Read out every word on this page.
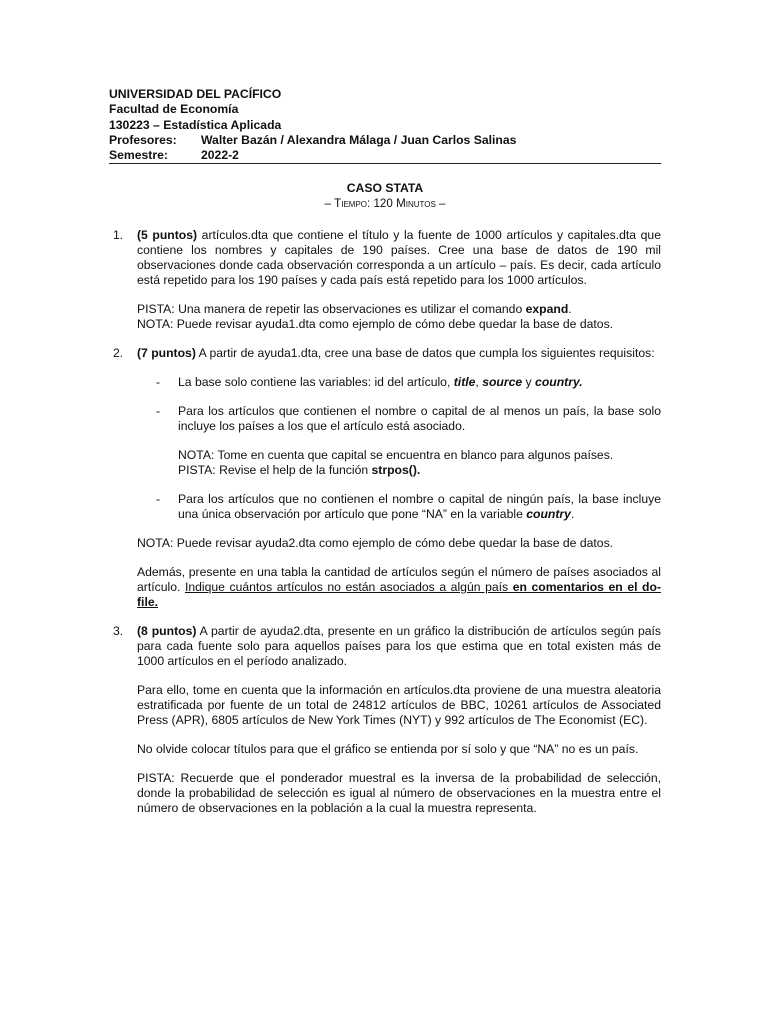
UNIVERSIDAD DEL PACÍFICO
Facultad de Economía
130223 – Estadística Aplicada
Profesores: Walter Bazán / Alexandra Málaga / Juan Carlos Salinas
Semestre:	2022-2
CASO STATA
– Tiempo: 120 Minutos –
1. (5 puntos) artículos.dta que contiene el título y la fuente de 1000 artículos y capitales.dta que contiene los nombres y capitales de 190 países. Cree una base de datos de 190 mil observaciones donde cada observación corresponda a un artículo – país. Es decir, cada artículo está repetido para los 190 países y cada país está repetido para los 1000 artículos.

PISTA: Una manera de repetir las observaciones es utilizar el comando expand.

NOTA: Puede revisar ayuda1.dta como ejemplo de cómo debe quedar la base de datos.

2. (7 puntos) A partir de ayuda1.dta, cree una base de datos que cumpla los siguientes requisitos:

- La base solo contiene las variables: id del artículo, title, source y country.

- Para los artículos que contienen el nombre o capital de al menos un país, la base solo incluye los países a los que el artículo está asociado.

NOTA: Tome en cuenta que capital se encuentra en blanco para algunos países.

PISTA: Revise el help de la función strpos().

- Para los artículos que no contienen el nombre o capital de ningún país, la base incluye una única observación por artículo que pone “NA” en la variable country.

NOTA: Puede revisar ayuda2.dta como ejemplo de cómo debe quedar la base de datos.

Además, presente en una tabla la cantidad de artículos según el número de países asociados al artículo. Indique cuántos artículos no están asociados a algún país en comentarios en el do-file.

3. (8 puntos) A partir de ayuda2.dta, presente en un gráfico la distribución de artículos según país para cada fuente solo para aquellos países para los que estima que en total existen más de 1000 artículos en el período analizado.

Para ello, tome en cuenta que la información en artículos.dta proviene de una muestra aleatoria estratificada por fuente de un total de 24812 artículos de BBC, 10261 artículos de Associated Press (APR), 6805 artículos de New York Times (NYT) y 992 artículos de The Economist (EC).

No olvide colocar títulos para que el gráfico se entienda por sí solo y que “NA” no es un país.

PISTA: Recuerde que el ponderador muestral es la inversa de la probabilidad de selección, donde la probabilidad de selección es igual al número de observaciones en la muestra entre el número de observaciones en la población a la cual la muestra representa.
